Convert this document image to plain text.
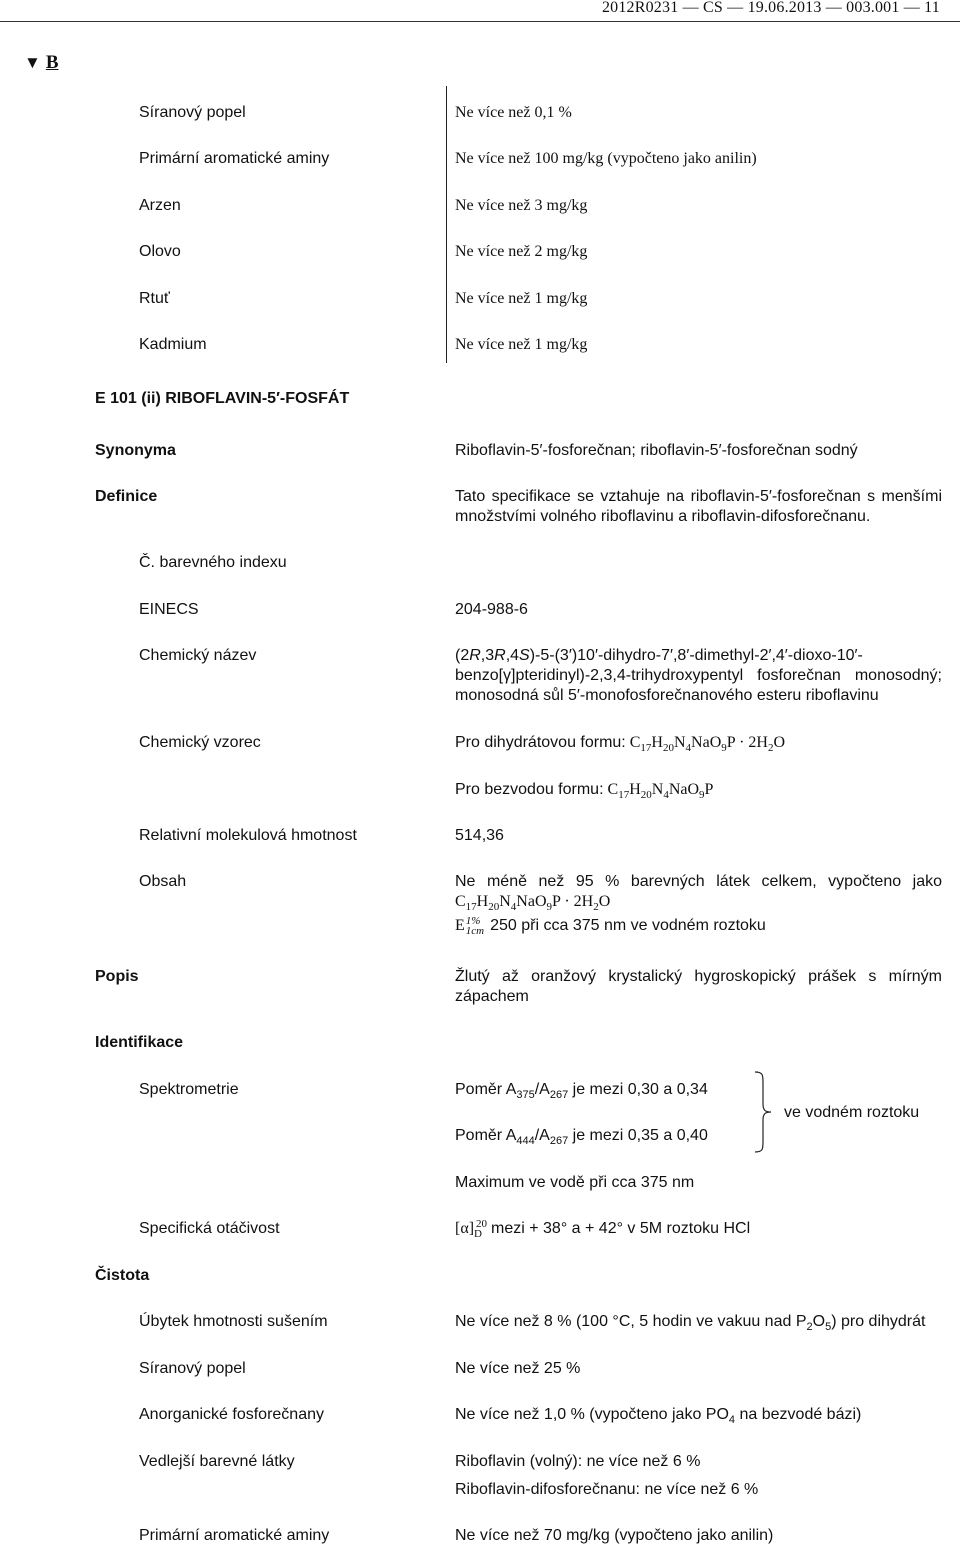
2012R0231 — CS — 19.06.2013 — 003.001 — 11
▼ B
Síranový popel	Ne více než 0,1 %
Primární aromatické aminy	Ne více než 100 mg/kg (vypočteno jako anilin)
Arzen	Ne více než 3 mg/kg
Olovo	Ne více než 2 mg/kg
Rtuť	Ne více než 1 mg/kg
Kadmium	Ne více než 1 mg/kg
E 101 (ii) RIBOFLAVIN-5′-FOSFÁT
Synonyma	Riboflavin-5′-fosforečnan; riboflavin-5′-fosforečnan sodný
Definice	Tato specifikace se vztahuje na riboflavin-5′-fosforečnan s menšími
množstvími volného riboflavinu a riboflavin-difosforečnanu.
Č. barevného indexu
EINECS	204-988-6
Chemický název	(2R,3R,4S)-5-(3′)10′-dihydro-7′,8′-dimethyl-2′,4′-dioxo-10′-
benzo[γ]pteridinyl)-2,3,4-trihydroxypentyl fosforečnan monosodný;
monosodná sůl 5′-monofosforečnanového esteru riboflavinu
Chemický vzorec	Pro dihydrátovou formu: $C_{17}H_{20}N_4NaO_9P \cdot 2H_2O$
Pro bezvodou formu: $C_{17}H_{20}N_4NaO_9P$
Relativní molekulová hmotnost	514,36
Obsah	Ne méně než 95 % barevných látek celkem, vypočteno jako
$C_{17}H_{20}N_4NaO_9P \cdot 2H_2O$
E 1%
1cm 250 při cca 375 nm ve vodném roztoku
Popis	Žlutý až oranžový krystalický hygroskopický prášek s mírným
zápachem
Identifikace
Spektrometrie	Poměr $A_{375}/A_{267}$ je mezi 0,30 a 0,34
Poměr $A_{444}/A_{267}$ je mezi 0,35 a 0,40
ve vodném roztoku
Maximum ve vodě při cca 375 nm
Specifická otáčivost	$[\alpha]_D^{20}$ mezi + 38° a + 42° v 5M roztoku HCl
Čistota
Úbytek hmotnosti sušením	Ne více než 8 % (100 °C, 5 hodin ve vakuu nad $P_2O_5$) pro dihydrát
Síranový popel	Ne více než 25 %
Anorganické fosforečnany	Ne více než 1,0 % (vypočteno jako $PO_4$ na bezvodé bázi)
Vedlejší barevné látky	Riboflavin (volný): ne více než 6 %
Riboflavin-difosforečnanu: ne více než 6 %
Primární aromatické aminy	Ne více než 70 mg/kg (vypočteno jako anilin)
